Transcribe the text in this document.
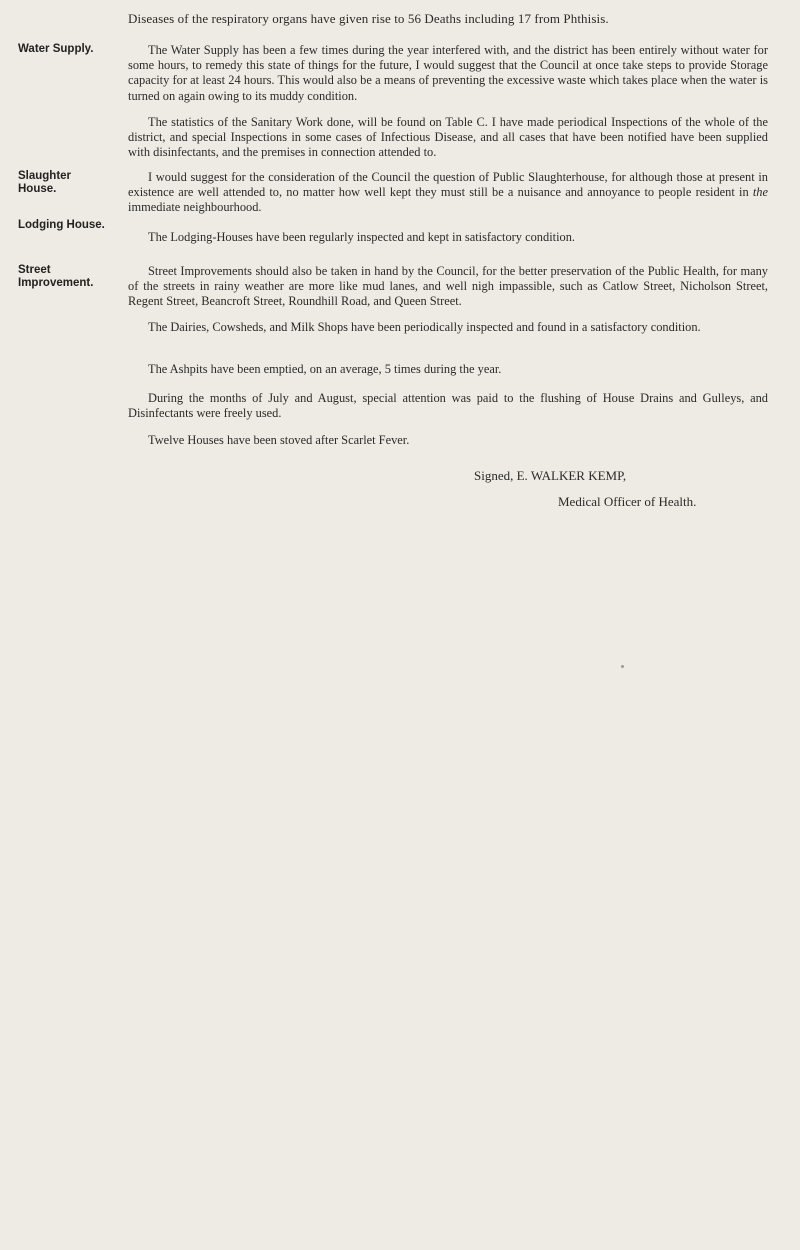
Diseases of the respiratory organs have given rise to 56 Deaths including 17 from Phthisis.
Water Supply.	The Water Supply has been a few times during the year interfered with, and the district has been entirely without water for some hours, to remedy this state of things for the future, I would suggest that the Council at once take steps to provide Storage capacity for at least 24 hours. This would also be a means of preventing the excessive waste which takes place when the water is turned on again owing to its muddy condition.
The statistics of the Sanitary Work done, will be found on Table C. I have made periodical Inspections of the whole of the district, and special Inspections in some cases of Infectious Disease, and all cases that have been notified have been supplied with disinfectants, and the premises in connection attended to.
Slaughter House.
I would suggest for the consideration of the Council the question of Public Slaughterhouse, for although those at present in existence are well attended to, no matter how well kept they must still be a nuisance and annoyance to people resident in the immediate neighbourhood.
Lodging House.
The Lodging-Houses have been regularly inspected and kept in satisfactory condition.
Street Improvement.
Street Improvements should also be taken in hand by the Council, for the better preservation of the Public Health, for many of the streets in rainy weather are more like mud lanes, and well nigh impassible, such as Catlow Street, Nicholson Street, Regent Street, Beancroft Street, Roundhill Road, and Queen Street.
The Dairies, Cowsheds, and Milk Shops have been periodically inspected and found in a satisfactory condition.
The Ashpits have been emptied, on an average, 5 times during the year.
During the months of July and August, special attention was paid to the flushing of House Drains and Gulleys, and Disinfectants were freely used.
Twelve Houses have been stoved after Scarlet Fever.
Signed, E. WALKER KEMP,
Medical Officer of Health.
